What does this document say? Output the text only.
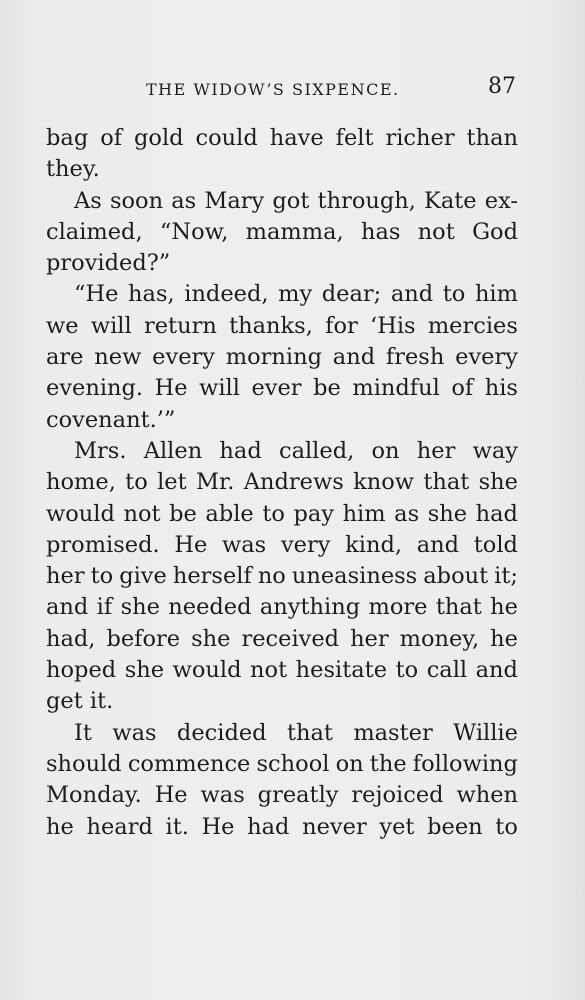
THE WIDOW’S SIXPENCE.	87
bag of gold could have felt richer than
they.
As soon as Mary got through, Kate ex-
claimed, “Now, mamma, has not God
provided?”
“He has, indeed, my dear; and to him
we will return thanks, for ‘His mercies
are new every morning and fresh every
evening. He will ever be mindful of his
covenant.’”
Mrs. Allen had called, on her way
home, to let Mr. Andrews know that she
would not be able to pay him as she had
promised. He was very kind, and told
her to give herself no uneasiness about it;
and if she needed anything more that he
had, before she received her money, he
hoped she would not hesitate to call and
get it.
It was decided that master Willie
should commence school on the following
Monday. He was greatly rejoiced when
he heard it. He had never yet been to
